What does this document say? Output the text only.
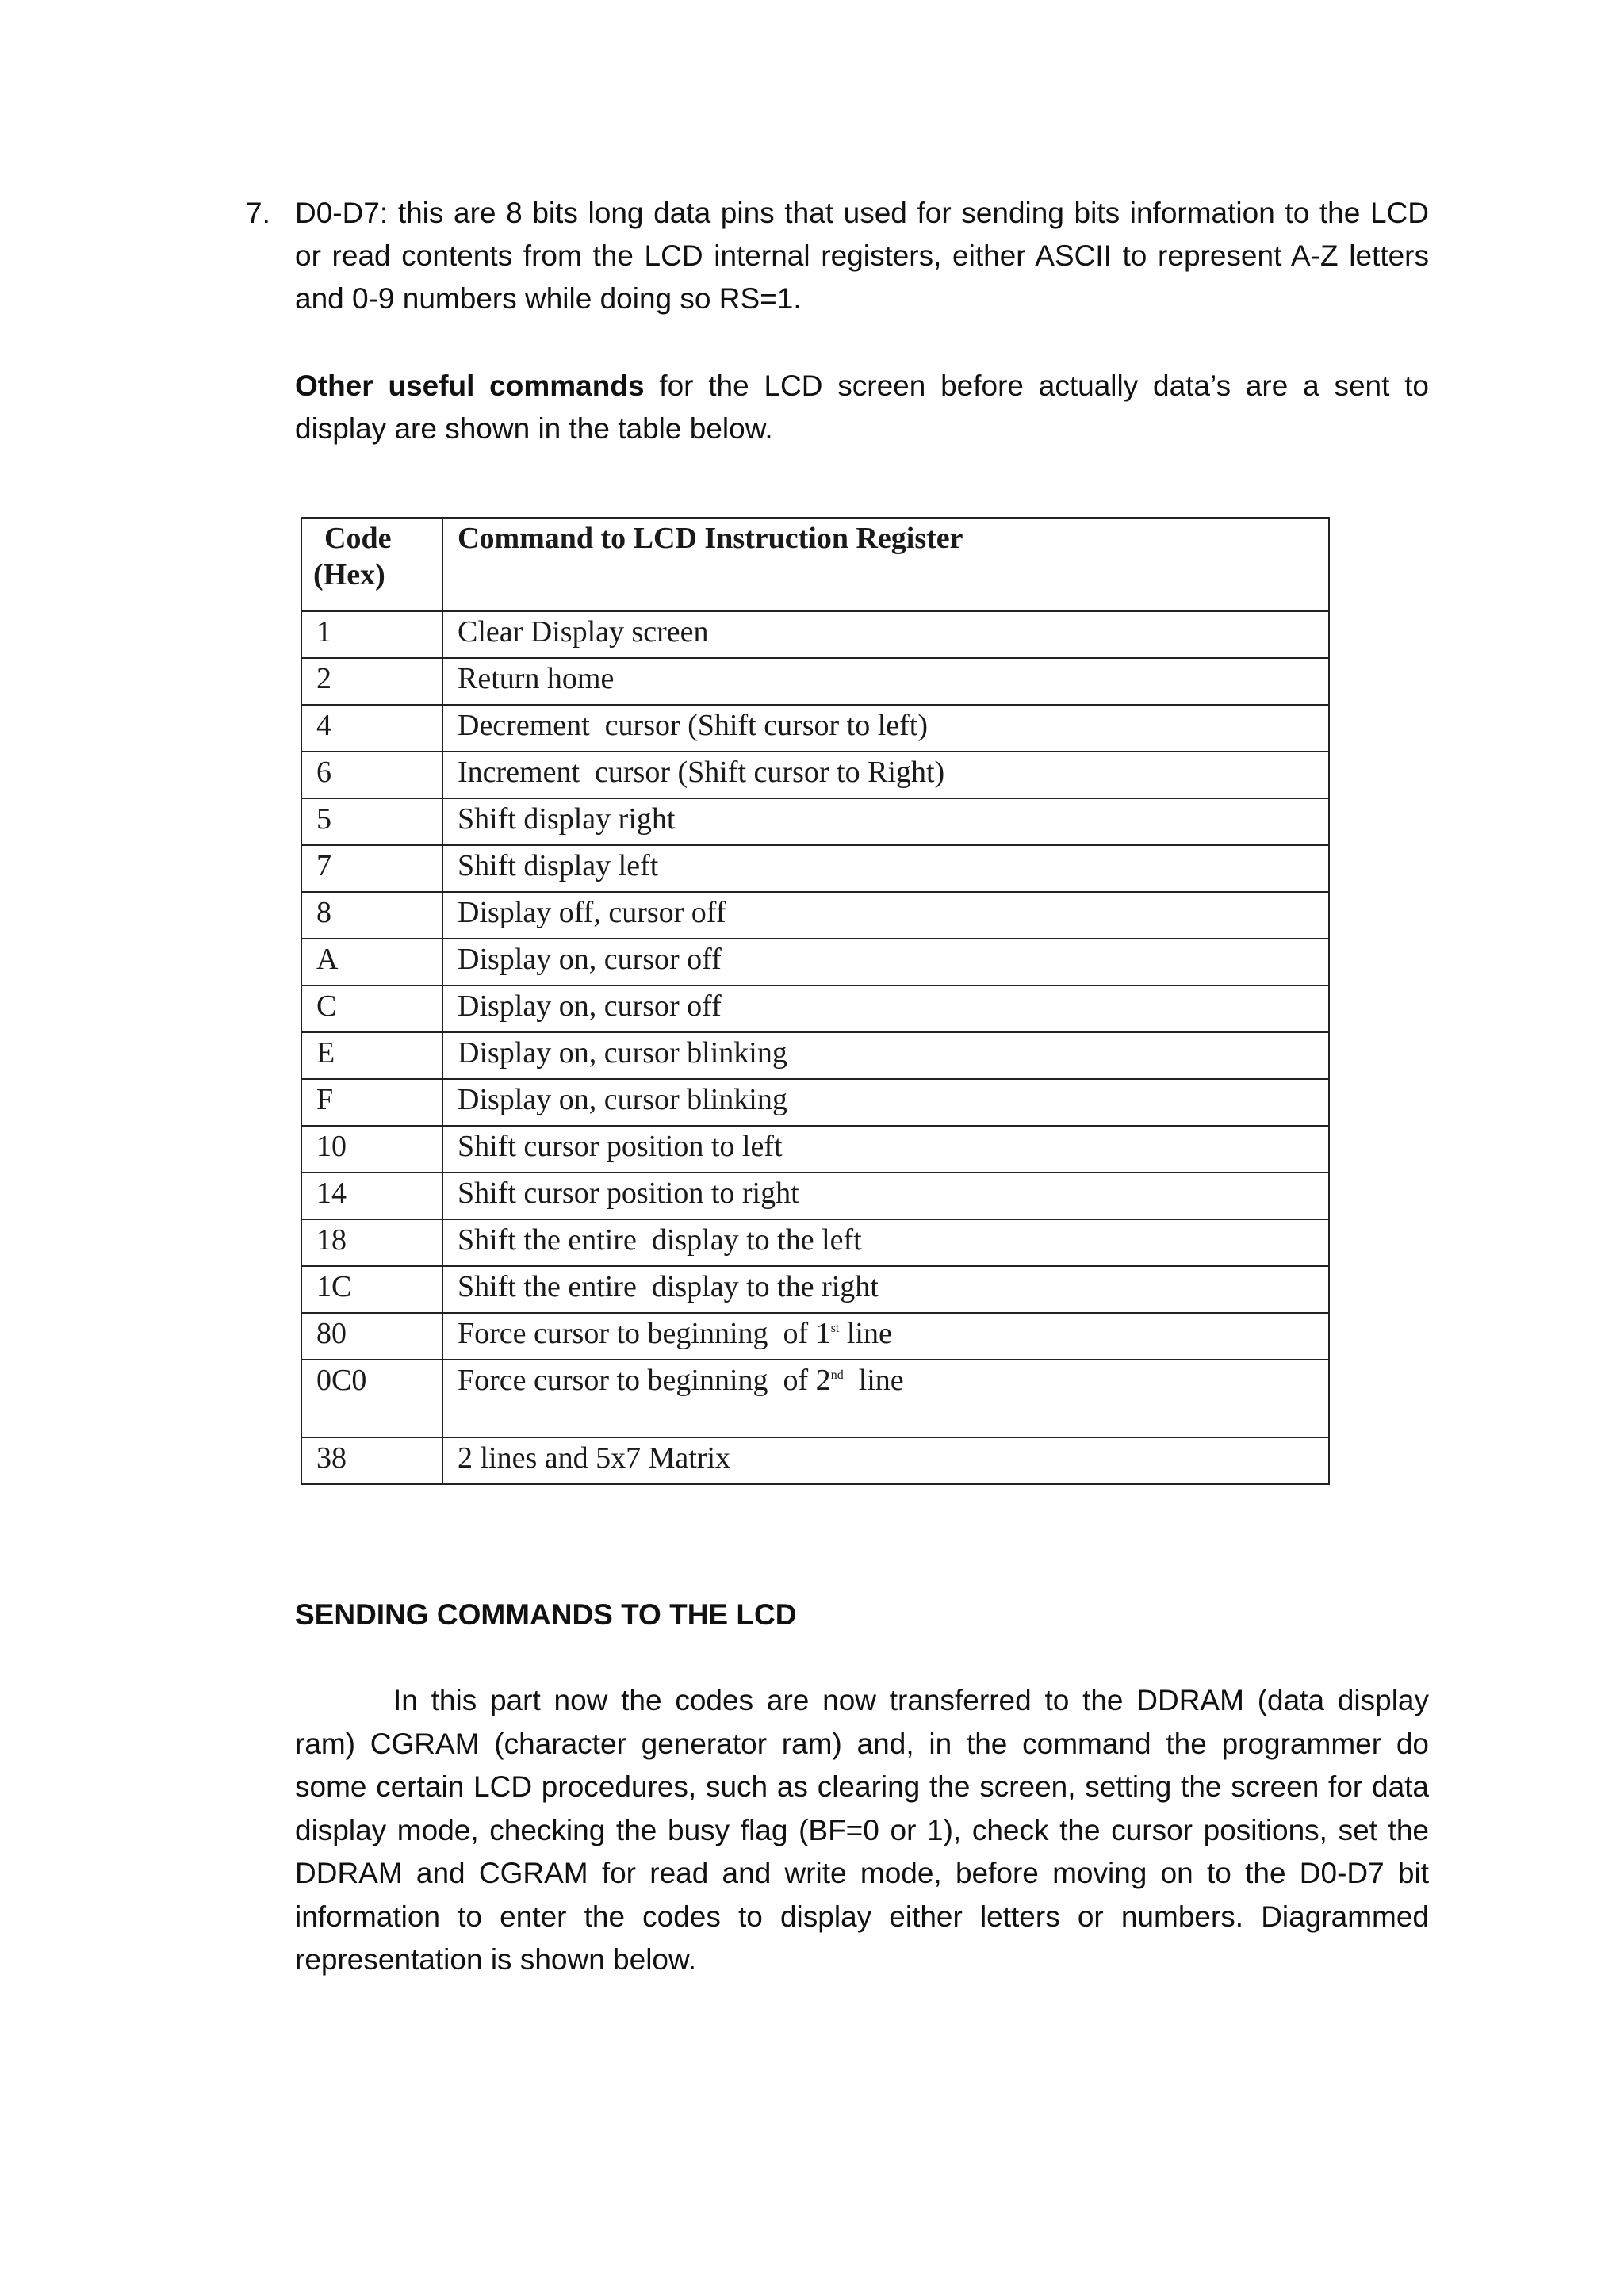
7. D0-D7: this are 8 bits long data pins that used for sending bits information to the LCD or read contents from the LCD internal registers, either ASCII to represent A-Z letters and 0-9 numbers while doing so RS=1.
Other useful commands for the LCD screen before actually data’s are a sent to display are shown in the table below.
Code
(Hex)	Command to LCD Instruction Register
1	Clear Display screen
2	Return home
4	Decrement  cursor (Shift cursor to left)
6	Increment  cursor (Shift cursor to Right)
5	Shift display right
7	Shift display left
8	Display off, cursor off
A	Display on, cursor off
C	Display on, cursor off
E	Display on, cursor blinking
F	Display on, cursor blinking
10	Shift cursor position to left
14	Shift cursor position to right
18	Shift the entire  display to the left
1C	Shift the entire  display to the right
80	Force cursor to beginning  of 1st line
0C0	Force cursor to beginning  of 2nd  line
38	2 lines and 5x7 Matrix
SENDING COMMANDS TO THE LCD
In this part now the codes are now transferred to the DDRAM (data display ram) CGRAM (character generator ram) and, in the command the programmer do some certain LCD procedures, such as clearing the screen, setting the screen for data display mode, checking the busy flag (BF=0 or 1), check the cursor positions, set the DDRAM and CGRAM for read and write mode, before moving on to the D0-D7 bit information to enter the codes to display either letters or numbers. Diagrammed representation is shown below.
